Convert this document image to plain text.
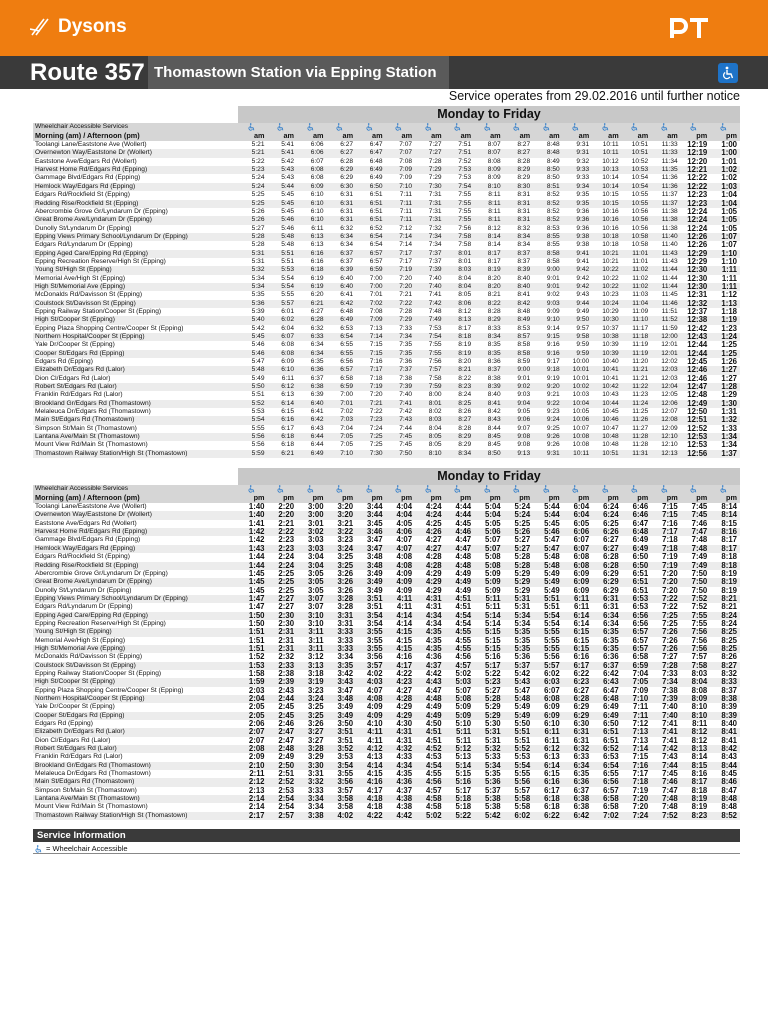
Dysons
Route 357 Thomastown Station via Epping Station
Service operates from 29.02.2016 until further notice
Monday to Friday
Wheelchair Accessible Services																	
Morning (am) / Afternoon (pm)	am	am	am	am	am	am	am	am	am	am	am	am	am	am	am	pm	pm
Toolangi Lane/Eaststone Ave (Wollert)	5:21	5:41	6:06	6:27	6:47	7:07	7:27	7:51	8:07	8:27	8:48	9:31	10:11	10:51	11:33	12:19	1:00
Overnewton Way/Eaststone Dr (Wollert)	5:21	5:41	6:06	6:27	6:47	7:07	7:27	7:51	8:07	8:27	8:48	9:31	10:11	10:51	11:33	12:19	1:00
Eaststone Ave/Edgars Rd (Wollert)	5:22	5:42	6:07	6:28	6:48	7:08	7:28	7:52	8:08	8:28	8:49	9:32	10:12	10:52	11:34	12:20	1:01
Harvest Home Rd/Edgars Rd (Epping)	5:23	5:43	6:08	6:29	6:49	7:09	7:29	7:53	8:09	8:29	8:50	9:33	10:13	10:53	11:35	12:21	1:02
Gammage Blvd/Edgars Rd (Epping)	5:24	5:43	6:08	6:29	6:49	7:09	7:29	7:53	8:09	8:29	8:50	9:33	10:14	10:54	11:36	12:22	1:02
Hemlock Way/Edgars Rd (Epping)	5:24	5:44	6:09	6:30	6:50	7:10	7:30	7:54	8:10	8:30	8:51	9:34	10:14	10:54	11:36	12:22	1:03
Edgars Rd/Rockfield St (Epping)	5:25	5:45	6:10	6:31	6:51	7:11	7:31	7:55	8:11	8:31	8:52	9:35	10:15	10:55	11:37	12:23	1:04
Redding Rise/Rockfield St (Epping)	5:25	5:45	6:10	6:31	6:51	7:11	7:31	7:55	8:11	8:31	8:52	9:35	10:15	10:55	11:37	12:23	1:04
Abercrombie Grove Gr/Lyndarum Dr (Epping)	5:26	5:45	6:10	6:31	6:51	7:11	7:31	7:55	8:11	8:31	8:52	9:36	10:16	10:56	11:38	12:24	1:05
Great Brome Ave/Lyndarum Dr (Epping)	5:26	5:46	6:10	6:31	6:51	7:11	7:31	7:55	8:11	8:31	8:52	9:36	10:16	10:56	11:38	12:24	1:05
Dunolly St/Lyndarum Dr (Epping)	5:27	5:46	6:11	6:32	6:52	7:12	7:32	7:56	8:12	8:32	8:53	9:36	10:16	10:56	11:38	12:24	1:05
Epping Views Primary School/Lyndarum Dr (Epping)	5:28	5:48	6:13	6:34	6:54	7:14	7:34	7:58	8:14	8:34	8:55	9:38	10:18	10:58	11:40	12:26	1:07
Edgars Rd/Lyndarum Dr (Epping)	5:28	5:48	6:13	6:34	6:54	7:14	7:34	7:58	8:14	8:34	8:55	9:38	10:18	10:58	11:40	12:26	1:07
Epping Aged Care/Epping Rd (Epping)	5:31	5:51	6:16	6:37	6:57	7:17	7:37	8:01	8:17	8:37	8:58	9:41	10:21	11:01	11:43	12:29	1:10
Epping Recreation Reserve/High St (Epping)	5:31	5:51	6:16	6:37	6:57	7:17	7:37	8:01	8:17	8:37	8:58	9:41	10:21	11:01	11:43	12:29	1:10
Young St/High St (Epping)	5:32	5:53	6:18	6:39	6:59	7:19	7:39	8:03	8:19	8:39	9:00	9:42	10:22	11:02	11:44	12:30	1:11
Memorial Ave/High St (Epping)	5:34	5:54	6:19	6:40	7:00	7:20	7:40	8:04	8:20	8:40	9:01	9:42	10:22	11:02	11:44	12:30	1:11
High St/Memorial Ave (Epping)	5:34	5:54	6:19	6:40	7:00	7:20	7:40	8:04	8:20	8:40	9:01	9:42	10:22	11:02	11:44	12:30	1:11
McDonalds Rd/Davisson St (Epping)	5:35	5:55	6:20	6:41	7:01	7:21	7:41	8:05	8:21	8:41	9:02	9:43	10:23	11:03	11:45	12:31	1:12
Coulstock St/Davisson St (Epping)	5:36	5:57	6:21	6:42	7:02	7:22	7:42	8:06	8:22	8:42	9:03	9:44	10:24	11:04	11:46	12:32	1:13
Epping Railway Station/Cooper St (Epping)	5:39	6:01	6:27	6:48	7:08	7:28	7:48	8:12	8:28	8:48	9:09	9:49	10:29	11:09	11:51	12:37	1:18
High St/Cooper St (Epping)	5:40	6:02	6:28	6:49	7:09	7:29	7:49	8:13	8:29	8:49	9:10	9:50	10:30	11:10	11:52	12:38	1:19
Epping Plaza Shopping Centre/Cooper St (Epping)	5:42	6:04	6:32	6:53	7:13	7:33	7:53	8:17	8:33	8:53	9:14	9:57	10:37	11:17	11:59	12:42	1:23
Northern Hospital/Cooper St (Epping)	5:45	6:07	6:33	6:54	7:14	7:34	7:54	8:18	8:34	8:57	9:15	9:58	10:38	11:18	12:00	12:43	1:24
Yale Dr/Cooper St (Epping)	5:46	6:08	6:34	6:55	7:15	7:35	7:55	8:19	8:35	8:58	9:16	9:59	10:39	11:19	12:01	12:44	1:25
Cooper St/Edgars Rd (Epping)	5:46	6:08	6:34	6:55	7:15	7:35	7:55	8:19	8:35	8:58	9:16	9:59	10:39	11:19	12:01	12:44	1:25
Edgars Rd (Epping)	5:47	6:09	6:35	6:56	7:16	7:36	7:56	8:20	8:36	8:59	9:17	10:00	10:40	11:20	12:02	12:45	1:26
Elizabeth Dr/Edgars Rd (Lalor)	5:48	6:10	6:36	6:57	7:17	7:37	7:57	8:21	8:37	9:00	9:18	10:01	10:41	11:21	12:03	12:46	1:27
Dion Cl/Edgars Rd (Lalor)	5:49	6:11	6:37	6:58	7:18	7:38	7:58	8:22	8:38	9:01	9:19	10:01	10:41	11:21	12:03	12:46	1:27
Robert St/Edgars Rd (Lalor)	5:50	6:12	6:38	6:59	7:19	7:39	7:59	8:23	8:39	9:02	9:20	10:02	10:42	11:22	12:04	12:47	1:28
Franklin Rd/Edgars Rd (Lalor)	5:51	6:13	6:39	7:00	7:20	7:40	8:00	8:24	8:40	9:03	9:21	10:03	10:43	11:23	12:05	12:48	1:29
Brookland Gr/Edgars Rd (Thomastown)	5:52	6:14	6:40	7:01	7:21	7:41	8:01	8:25	8:41	9:04	9:22	10:04	10:44	11:24	12:06	12:49	1:30
Melaleuca Dr/Edgars Rd (Thomastown)	5:53	6:15	6:41	7:02	7:22	7:42	8:02	8:26	8:42	9:05	9:23	10:05	10:45	11:25	12:07	12:50	1:31
Main St/Edgars Rd (Thomastown)	5:54	6:16	6:42	7:03	7:23	7:43	8:03	8:27	8:43	9:06	9:24	10:06	10:46	11:26	12:08	12:51	1:32
Simpson St/Main St (Thomastown)	5:55	6:17	6:43	7:04	7:24	7:44	8:04	8:28	8:44	9:07	9:25	10:07	10:47	11:27	12:09	12:52	1:33
Lantana Ave/Main St (Thomastown)	5:56	6:18	6:44	7:05	7:25	7:45	8:05	8:29	8:45	9:08	9:26	10:08	10:48	11:28	12:10	12:53	1:34
Mount View Rd/Main St (Thomastown)	5:56	6:18	6:44	7:05	7:25	7:45	8:05	8:29	8:45	9:08	9:26	10:08	10:48	11:28	12:10	12:53	1:34
Thomastown Railway Station/High St (Thomastown)	5:59	6:21	6:49	7:10	7:30	7:50	8:10	8:34	8:50	9:13	9:31	10:11	10:51	11:31	12:13	12:56	1:37
Monday to Friday
Wheelchair Accessible Services																	
Morning (am) / Afternoon (pm)	pm	pm	pm	pm	pm	pm	pm	pm	pm	pm	pm	pm	pm	pm	pm	pm	pm
Toolangi Lane/Eaststone Ave (Wollert)	1:40	2:20	3:00	3:20	3:44	4:04	4:24	4:44	5:04	5:24	5:44	6:04	6:24	6:46	7:15	7:45	8:14
Overnewton Way/Eaststone Dr (Wollert)	1:40	2:20	3:00	3:20	3:44	4:04	4:24	4:44	5:04	5:24	5:44	6:04	6:24	6:46	7:15	7:45	8:14
Eaststone Ave/Edgars Rd (Wollert)	1:41	2:21	3:01	3:21	3:45	4:05	4:25	4:45	5:05	5:25	5:45	6:05	6:25	6:47	7:16	7:46	8:15
Harvest Home Rd/Edgars Rd (Epping)	1:42	2:22	3:02	3:22	3:46	4:06	4:26	4:46	5:06	5:26	5:46	6:06	6:26	6:48	7:17	7:47	8:16
Gammage Blvd/Edgars Rd (Epping)	1:42	2:23	3:03	3:23	3:47	4:07	4:27	4:47	5:07	5:27	5:47	6:07	6:27	6:49	7:18	7:48	8:17
Hemlock Way/Edgars Rd (Epping)	1:43	2:23	3:03	3:24	3:47	4:07	4:27	4:47	5:07	5:27	5:47	6:07	6:27	6:49	7:18	7:48	8:17
Edgars Rd/Rockfield St (Epping)	1:44	2:24	3:04	3:25	3:48	4:08	4:28	4:48	5:08	5:28	5:48	6:08	6:28	6:50	7:19	7:49	8:18
Redding Rise/Rockfield St (Epping)	1:44	2:24	3:04	3:25	3:48	4:08	4:28	4:48	5:08	5:28	5:48	6:08	6:28	6:50	7:19	7:49	8:18
Abercrombie Grove Gr/Lyndarum Dr (Epping)	1:45	2:25	3:05	3:26	3:49	4:09	4:29	4:49	5:09	5:29	5:49	6:09	6:29	6:51	7:20	7:50	8:19
Great Brome Ave/Lyndarum Dr (Epping)	1:45	2:25	3:05	3:26	3:49	4:09	4:29	4:49	5:09	5:29	5:49	6:09	6:29	6:51	7:20	7:50	8:19
Dunolly St/Lyndarum Dr (Epping)	1:45	2:25	3:05	3:26	3:49	4:09	4:29	4:49	5:09	5:29	5:49	6:09	6:29	6:51	7:20	7:50	8:19
Epping Views Primary School/Lyndarum Dr (Epping)	1:47	2:27	3:07	3:28	3:51	4:11	4:31	4:51	5:11	5:31	5:51	6:11	6:31	6:53	7:22	7:52	8:21
Edgars Rd/Lyndarum Dr (Epping)	1:47	2:27	3:07	3:28	3:51	4:11	4:31	4:51	5:11	5:31	5:51	6:11	6:31	6:53	7:22	7:52	8:21
Epping Aged Care/Epping Rd (Epping)	1:50	2:30	3:10	3:31	3:54	4:14	4:34	4:54	5:14	5:34	5:54	6:14	6:34	6:56	7:25	7:55	8:24
Epping Recreation Reserve/High St (Epping)	1:50	2:30	3:10	3:31	3:54	4:14	4:34	4:54	5:14	5:34	5:54	6:14	6:34	6:56	7:25	7:55	8:24
Young St/High St (Epping)	1:51	2:31	3:11	3:33	3:55	4:15	4:35	4:55	5:15	5:35	5:55	6:15	6:35	6:57	7:26	7:56	8:25
Memorial Ave/High St (Epping)	1:51	2:31	3:11	3:33	3:55	4:15	4:35	4:55	5:15	5:35	5:55	6:15	6:35	6:57	7:26	7:56	8:25
High St/Memorial Ave (Epping)	1:51	2:31	3:11	3:33	3:55	4:15	4:35	4:55	5:15	5:35	5:55	6:15	6:35	6:57	7:26	7:56	8:25
McDonalds Rd/Davisson St (Epping)	1:52	2:32	3:12	3:34	3:56	4:16	4:36	4:56	5:16	5:36	5:56	6:16	6:36	6:58	7:27	7:57	8:26
Coulstock St/Davisson St (Epping)	1:53	2:33	3:13	3:35	3:57	4:17	4:37	4:57	5:17	5:37	5:57	6:17	6:37	6:59	7:28	7:58	8:27
Epping Railway Station/Cooper St (Epping)	1:58	2:38	3:18	3:42	4:02	4:22	4:42	5:02	5:22	5:42	6:02	6:22	6:42	7:04	7:33	8:03	8:32
High St/Cooper St (Epping)	1:59	2:39	3:19	3:43	4:03	4:23	4:43	5:03	5:23	5:43	6:03	6:23	6:43	7:05	7:34	8:04	8:33
Epping Plaza Shopping Centre/Cooper St (Epping)	2:03	2:43	3:23	3:47	4:07	4:27	4:47	5:07	5:27	5:47	6:07	6:27	6:47	7:09	7:38	8:08	8:37
Northern Hospital/Cooper St (Epping)	2:04	2:44	3:24	3:48	4:08	4:28	4:48	5:08	5:28	5:48	6:08	6:28	6:48	7:10	7:39	8:09	8:38
Yale Dr/Cooper St (Epping)	2:05	2:45	3:25	3:49	4:09	4:29	4:49	5:09	5:29	5:49	6:09	6:29	6:49	7:11	7:40	8:10	8:39
Cooper St/Edgars Rd (Epping)	2:05	2:45	3:25	3:49	4:09	4:29	4:49	5:09	5:29	5:49	6:09	6:29	6:49	7:11	7:40	8:10	8:39
Edgars Rd (Epping)	2:06	2:46	3:26	3:50	4:10	4:30	4:50	5:10	5:30	5:50	6:10	6:30	6:50	7:12	7:41	8:11	8:40
Elizabeth Dr/Edgars Rd (Lalor)	2:07	2:47	3:27	3:51	4:11	4:31	4:51	5:11	5:31	5:51	6:11	6:31	6:51	7:13	7:41	8:12	8:41
Dion Cl/Edgars Rd (Lalor)	2:07	2:47	3:27	3:51	4:11	4:31	4:51	5:11	5:31	5:51	6:11	6:31	6:51	7:13	7:41	8:12	8:41
Robert St/Edgars Rd (Lalor)	2:08	2:48	3:28	3:52	4:12	4:32	4:52	5:12	5:32	5:52	6:12	6:32	6:52	7:14	7:42	8:13	8:42
Franklin Rd/Edgars Rd (Lalor)	2:09	2:49	3:29	3:53	4:13	4:33	4:53	5:13	5:33	5:53	6:13	6:33	6:53	7:15	7:43	8:14	8:43
Brookland Gr/Edgars Rd (Thomastown)	2:10	2:50	3:30	3:54	4:14	4:34	4:54	5:14	5:34	5:54	6:14	6:34	6:54	7:16	7:44	8:15	8:44
Melaleuca Dr/Edgars Rd (Thomastown)	2:11	2:51	3:31	3:55	4:15	4:35	4:55	5:15	5:35	5:55	6:15	6:35	6:55	7:17	7:45	8:16	8:45
Main St/Edgars Rd (Thomastown)	2:12	2:52	3:32	3:56	4:16	4:36	4:56	5:16	5:36	5:56	6:16	6:36	6:56	7:18	7:46	8:17	8:46
Simpson St/Main St (Thomastown)	2:13	2:53	3:33	3:57	4:17	4:37	4:57	5:17	5:37	5:57	6:17	6:37	6:57	7:19	7:47	8:18	8:47
Lantana Ave/Main St (Thomastown)	2:14	2:54	3:34	3:58	4:18	4:38	4:58	5:18	5:38	5:58	6:18	6:38	6:58	7:20	7:48	8:19	8:48
Mount View Rd/Main St (Thomastown)	2:14	2:54	3:34	3:58	4:18	4:38	4:58	5:18	5:38	5:58	6:18	6:38	6:58	7:20	7:48	8:19	8:48
Thomastown Railway Station/High St (Thomastown)	2:17	2:57	3:38	4:02	4:22	4:42	5:02	5:22	5:42	6:02	6:22	6:42	7:02	7:24	7:52	8:23	8:52
Service Information
= Wheelchair Accessible
